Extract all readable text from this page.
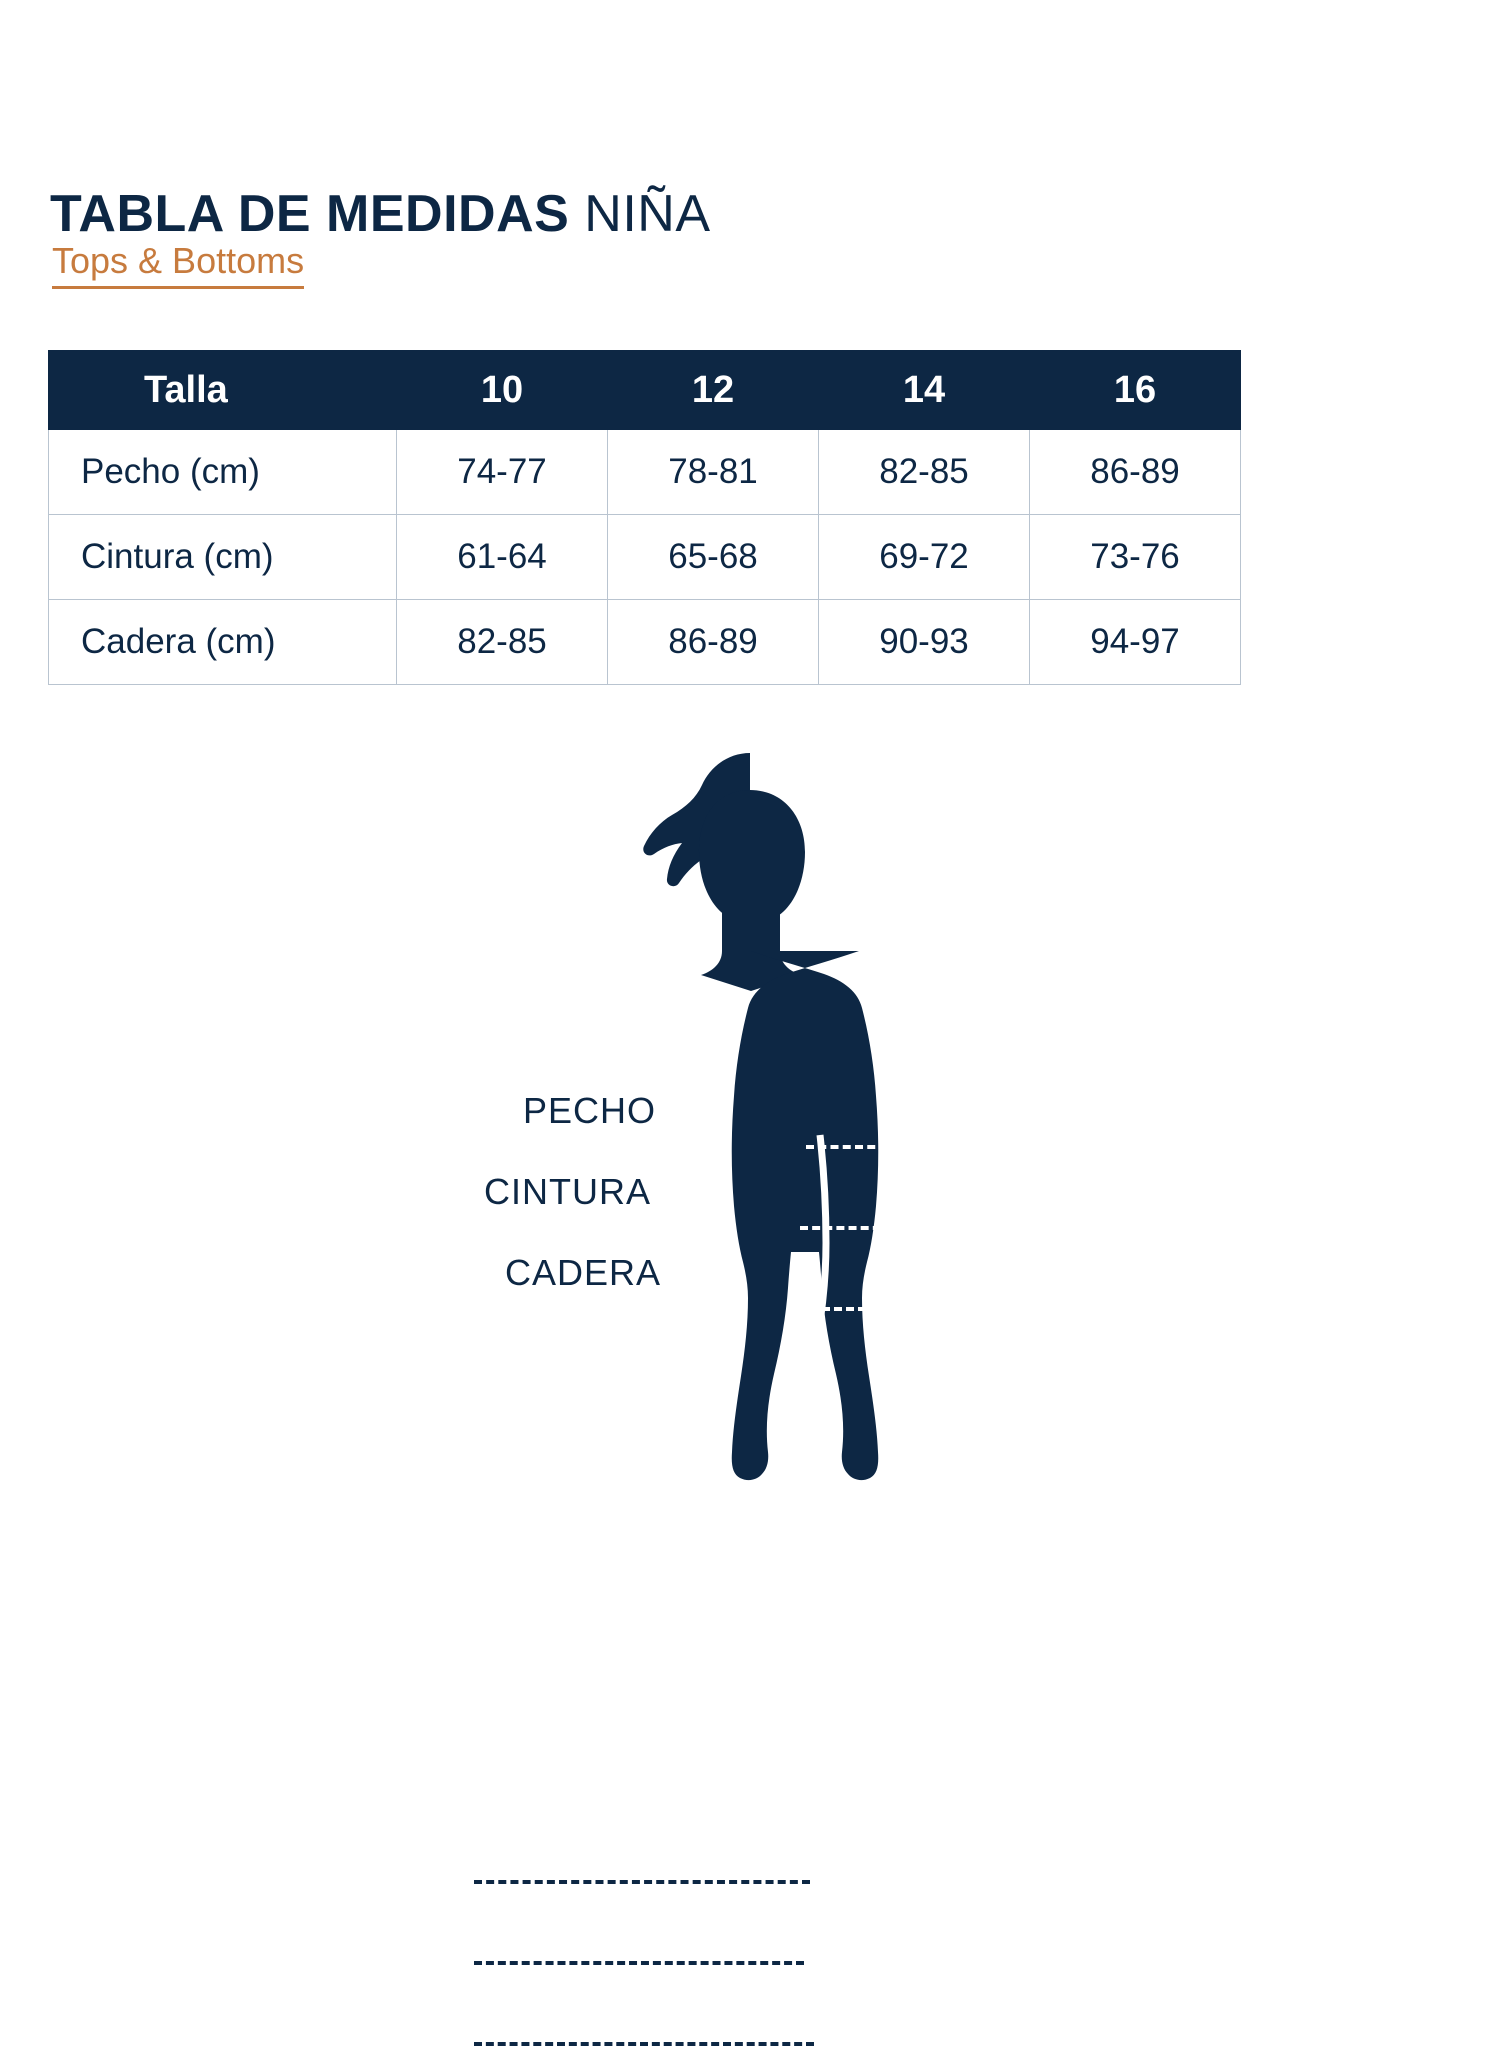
TABLA DE MEDIDAS NIÑA
Tops & Bottoms
Talla	10	12	14	16
Pecho (cm)	74-77	78-81	82-85	86-89
Cintura (cm)	61-64	65-68	69-72	73-76
Cadera (cm)	82-85	86-89	90-93	94-97
PECHO
CINTURA
CADERA
